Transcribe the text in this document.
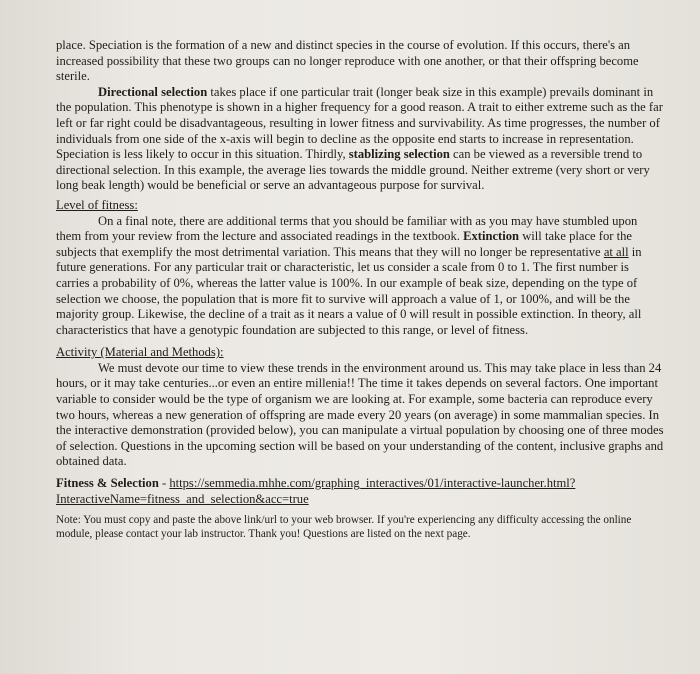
place. Speciation is the formation of a new and distinct species in the course of evolution. If this occurs, there's an increased possibility that these two groups can no longer reproduce with one another, or that their offspring become sterile.

Directional selection takes place if one particular trait (longer beak size in this example) prevails dominant in the population. This phenotype is shown in a higher frequency for a good reason. A trait to either extreme such as the far left or far right could be disadvantageous, resulting in lower fitness and survivability. As time progresses, the number of individuals from one side of the x-axis will begin to decline as the opposite end starts to increase in representation. Speciation is less likely to occur in this situation. Thirdly, stablizing selection can be viewed as a reversible trend to directional selection. In this example, the average lies towards the middle ground. Neither extreme (very short or very long beak length) would be beneficial or serve an advantageous purpose for survival.

Level of fitness:

On a final note, there are additional terms that you should be familiar with as you may have stumbled upon them from your review from the lecture and associated readings in the textbook. Extinction will take place for the subjects that exemplify the most detrimental variation. This means that they will no longer be representative at all in future generations. For any particular trait or characteristic, let us consider a scale from 0 to 1. The first number is carries a probability of 0%, whereas the latter value is 100%. In our example of beak size, depending on the type of selection we choose, the population that is more fit to survive will approach a value of 1, or 100%, and will be the majority group. Likewise, the decline of a trait as it nears a value of 0 will result in possible extinction. In theory, all characteristics that have a genotypic foundation are subjected to this range, or level of fitness.

Activity (Material and Methods):

We must devote our time to view these trends in the environment around us. This may take place in less than 24 hours, or it may take centuries...or even an entire millenia!! The time it takes depends on several factors. One important variable to consider would be the type of organism we are looking at. For example, some bacteria can reproduce every two hours, whereas a new generation of offspring are made every 20 years (on average) in some mammalian species. In the interactive demonstration (provided below), you can manipulate a virtual population by choosing one of three modes of selection. Questions in the upcoming section will be based on your understanding of the content, inclusive graphs and obtained data.

Fitness & Selection - https://semmedia.mhhe.com/graphing_interactives/01/interactive-launcher.html?InteractiveName=fitness_and_selection&acc=true

Note: You must copy and paste the above link/url to your web browser. If you're experiencing any difficulty accessing the online module, please contact your lab instructor. Thank you! Questions are listed on the next page.
